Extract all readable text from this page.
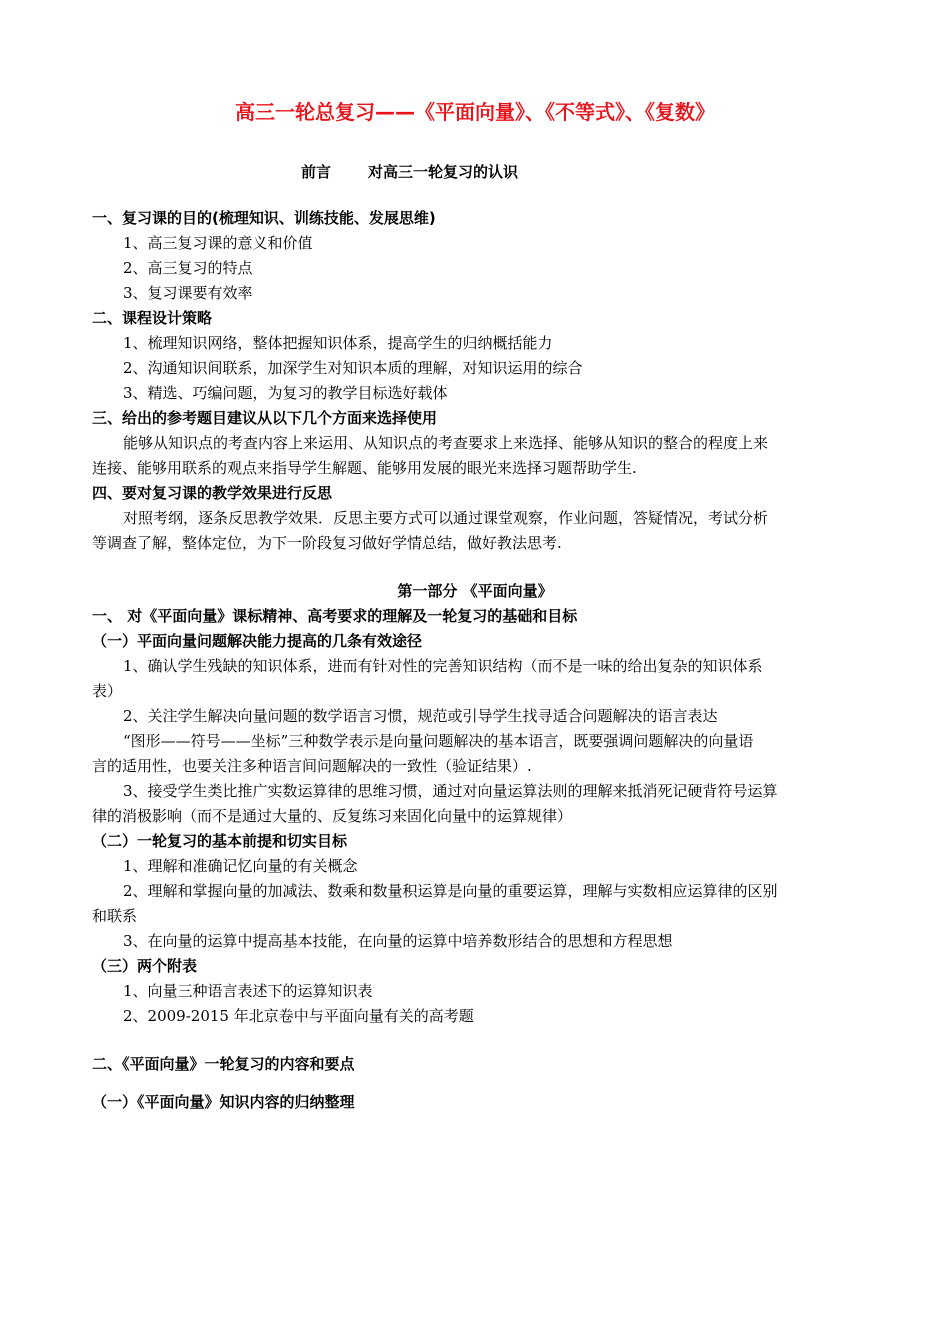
高三一轮总复习——《平面向量》、《不等式》、《复数》
前言 对高三一轮复习的认识
一、复习课的目的(梳理知识、训练技能、发展思维)
1、高三复习课的意义和价值
2、高三复习的特点
3、复习课要有效率
二、课程设计策略
1、梳理知识网络，整体把握知识体系，提高学生的归纳概括能力
2、沟通知识间联系，加深学生对知识本质的理解，对知识运用的综合
3、精选、巧编问题，为复习的教学目标选好载体
三、给出的参考题目建议从以下几个方面来选择使用
能够从知识点的考查内容上来运用、从知识点的考查要求上来选择、能够从知识的整合的程度上来
连接、能够用联系的观点来指导学生解题、能够用发展的眼光来选择习题帮助学生.
四、要对复习课的教学效果进行反思
对照考纲，逐条反思教学效果．反思主要方式可以通过课堂观察，作业问题，答疑情况，考试分析
等调查了解，整体定位，为下一阶段复习做好学情总结，做好教法思考.
第一部分 《平面向量》
一、 对《平面向量》课标精神、高考要求的理解及一轮复习的基础和目标
（一）平面向量问题解决能力提高的几条有效途径
1、确认学生残缺的知识体系，进而有针对性的完善知识结构（而不是一味的给出复杂的知识体系
表）
2、关注学生解决向量问题的数学语言习惯，规范或引导学生找寻适合问题解决的语言表达
“图形——符号——坐标”三种数学表示是向量问题解决的基本语言，既要强调问题解决的向量语
言的适用性，也要关注多种语言间问题解决的一致性（验证结果）.
3、接受学生类比推广实数运算律的思维习惯，通过对向量运算法则的理解来抵消死记硬背符号运算
律的消极影响（而不是通过大量的、反复练习来固化向量中的运算规律）
（二）一轮复习的基本前提和切实目标
1、理解和准确记忆向量的有关概念
2、理解和掌握向量的加减法、数乘和数量积运算是向量的重要运算，理解与实数相应运算律的区别
和联系
3、在向量的运算中提高基本技能，在向量的运算中培养数形结合的思想和方程思想
（三）两个附表
1、向量三种语言表述下的运算知识表
2、2009-2015 年北京卷中与平面向量有关的高考题
二、《平面向量》一轮复习的内容和要点
（一）《平面向量》知识内容的归纳整理
